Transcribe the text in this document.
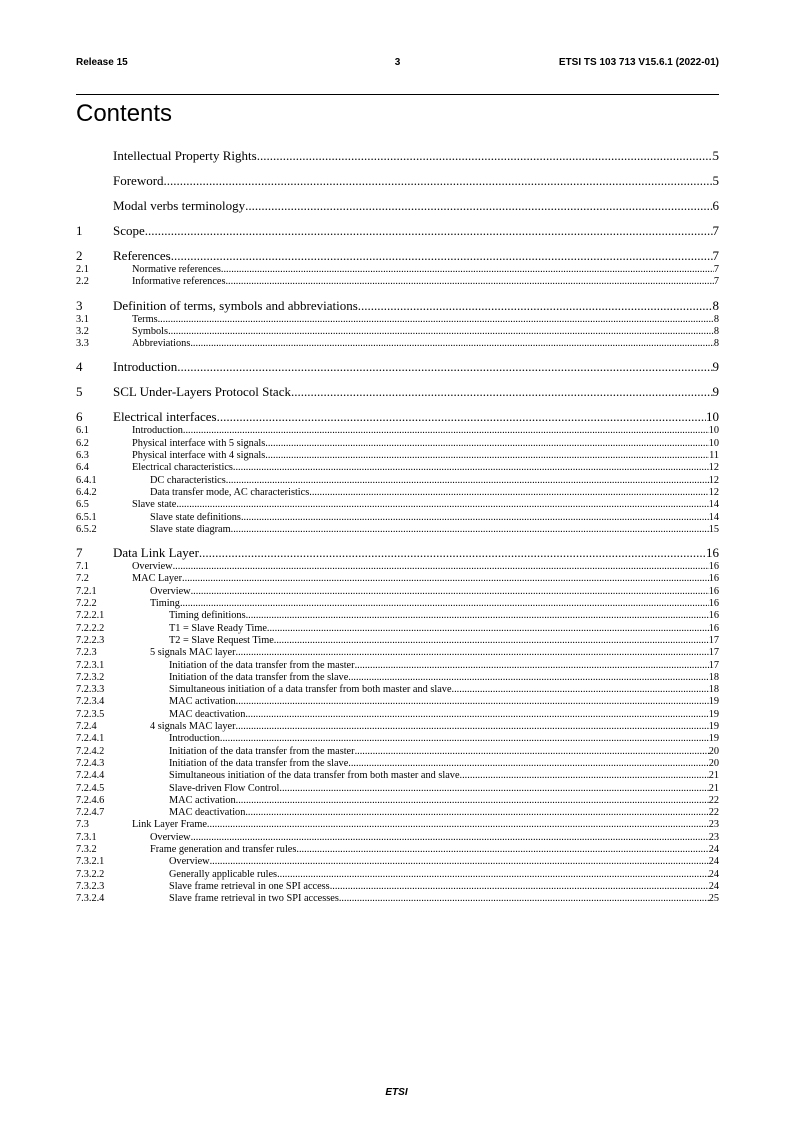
Release 15	3	ETSI TS 103 713 V15.6.1 (2022-01)
Contents
Intellectual Property Rights .....	5
Foreword .....	5
Modal verbs terminology .....	6
1	Scope .....	7
2	References .....	7
2.1	Normative references .....	7
2.2	Informative references .....	7
3	Definition of terms, symbols and abbreviations .....	8
3.1	Terms .....	8
3.2	Symbols .....	8
3.3	Abbreviations .....	8
4	Introduction .....	9
5	SCL Under-Layers Protocol Stack .....	9
6	Electrical interfaces .....	10
6.1	Introduction .....	10
6.2	Physical interface with 5 signals .....	10
6.3	Physical interface with 4 signals .....	11
6.4	Electrical characteristics .....	12
6.4.1	DC characteristics .....	12
6.4.2	Data transfer mode, AC characteristics .....	12
6.5	Slave state .....	14
6.5.1	Slave state definitions .....	14
6.5.2	Slave state diagram .....	15
7	Data Link Layer .....	16
7.1	Overview .....	16
7.2	MAC Layer .....	16
7.2.1	Overview .....	16
7.2.2	Timing .....	16
7.2.2.1	Timing definitions .....	16
7.2.2.2	T1 = Slave Ready Time .....	16
7.2.2.3	T2 = Slave Request Time .....	17
7.2.3	5 signals MAC layer .....	17
7.2.3.1	Initiation of the data transfer from the master .....	17
7.2.3.2	Initiation of the data transfer from the slave .....	18
7.2.3.3	Simultaneous initiation of a data transfer from both master and slave .....	18
7.2.3.4	MAC activation .....	19
7.2.3.5	MAC deactivation .....	19
7.2.4	4 signals MAC layer .....	19
7.2.4.1	Introduction .....	19
7.2.4.2	Initiation of the data transfer from the master .....	20
7.2.4.3	Initiation of the data transfer from the slave .....	20
7.2.4.4	Simultaneous initiation of the data transfer from both master and slave .....	21
7.2.4.5	Slave-driven Flow Control .....	21
7.2.4.6	MAC activation .....	22
7.2.4.7	MAC deactivation .....	22
7.3	Link Layer Frame .....	23
7.3.1	Overview .....	23
7.3.2	Frame generation and transfer rules .....	24
7.3.2.1	Overview .....	24
7.3.2.2	Generally applicable rules .....	24
7.3.2.3	Slave frame retrieval in one SPI access .....	24
7.3.2.4	Slave frame retrieval in two SPI accesses .....	25
ETSI
